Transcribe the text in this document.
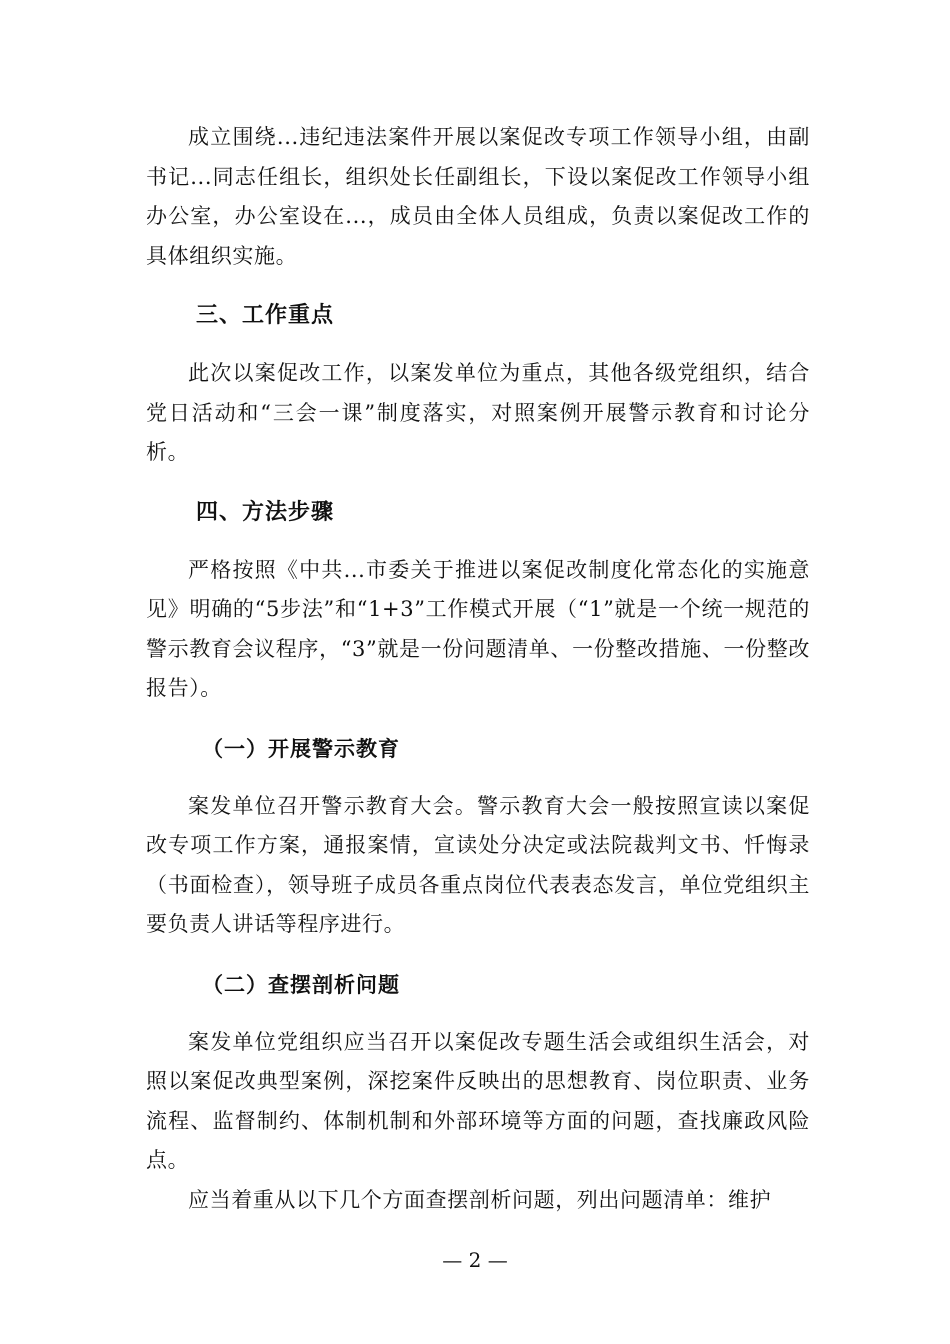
成立围绕...违纪违法案件开展以案促改专项工作领导小组，由副书记...同志任组长，组织处长任副组长，下设以案促改工作领导小组办公室，办公室设在...，成员由全体人员组成，负责以案促改工作的具体组织实施。

三、工作重点

此次以案促改工作，以案发单位为重点，其他各级党组织，结合党日活动和“三会一课”制度落实，对照案例开展警示教育和讨论分析。

四、方法步骤

严格按照《中共...市委关于推进以案促改制度化常态化的实施意见》明确的“5步法”和“1+3”工作模式开展（“1”就是一个统一规范的警示教育会议程序，“3”就是一份问题清单、一份整改措施、一份整改报告）。

（一）开展警示教育

案发单位召开警示教育大会。警示教育大会一般按照宣读以案促改专项工作方案，通报案情，宣读处分决定或法院裁判文书、忏悔录（书面检查），领导班子成员各重点岗位代表表态发言，单位党组织主要负责人讲话等程序进行。

（二）查摆剖析问题

案发单位党组织应当召开以案促改专题生活会或组织生活会，对照以案促改典型案例，深挖案件反映出的思想教育、岗位职责、业务流程、监督制约、体制机制和外部环境等方面的问题，查找廉政风险点。

应当着重从以下几个方面查摆剖析问题，列出问题清单：维护

— 2 —
